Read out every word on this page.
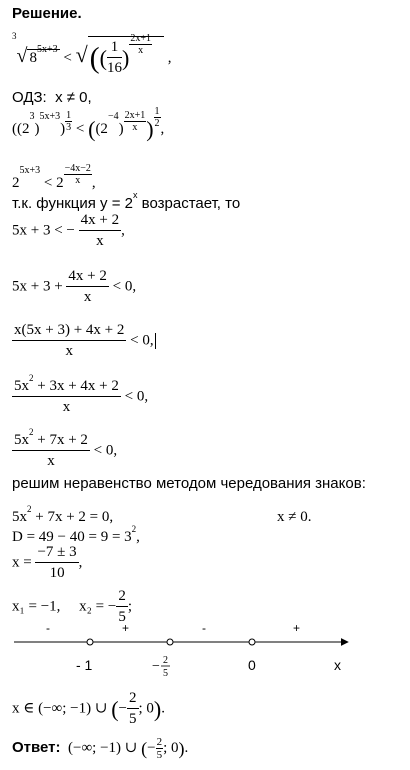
Решение.
$^3$√ $8^{5x+3}$ < √(( $\frac{1}{16}$ )
$\frac{2x+1}{x}$
,
ОДЗ: x ≠ 0,
$((2^3)^{5x+3}) \frac{1}{3} < ((2^{-4}) \frac{2x+1}{x}$ ) $\frac{1}{2}$ ,
$2^{5x+3} < 2 \frac{-4x-2}{x}$ ,
т.к. функция $y = 2^x$ возрастает, то
5x + 3 < − $\frac{4x + 2}{x}$ ,
$5x + 3 + \frac{4x + 2}{x} < 0$,
$\frac{x(5x + 3) + 4x + 2}{x} < 0$,
$\frac{5x^2 + 3x + 4x + 2}{x} < 0$,
$\frac{5x^2 + 7x + 2}{x} < 0$,
решим неравенство методом чередования знаков:
$5x^2 + 7x + 2 = 0$,	x ≠ 0.
$D = 49 - 40 = 9 = 3^2$,
$x = \frac{-7 \pm 3}{10}$ ,
x₁ = −1, x₂ = − $\frac{2}{5}$ ;
-	+	-	+
- 1	− 2
5
0	x
x ∈ (−∞; −1) ∪ (− $\frac{2}{5}$ ; 0).
Ответ: (−∞; −1) ∪ (− $\frac{2}{5}$ ; 0).
